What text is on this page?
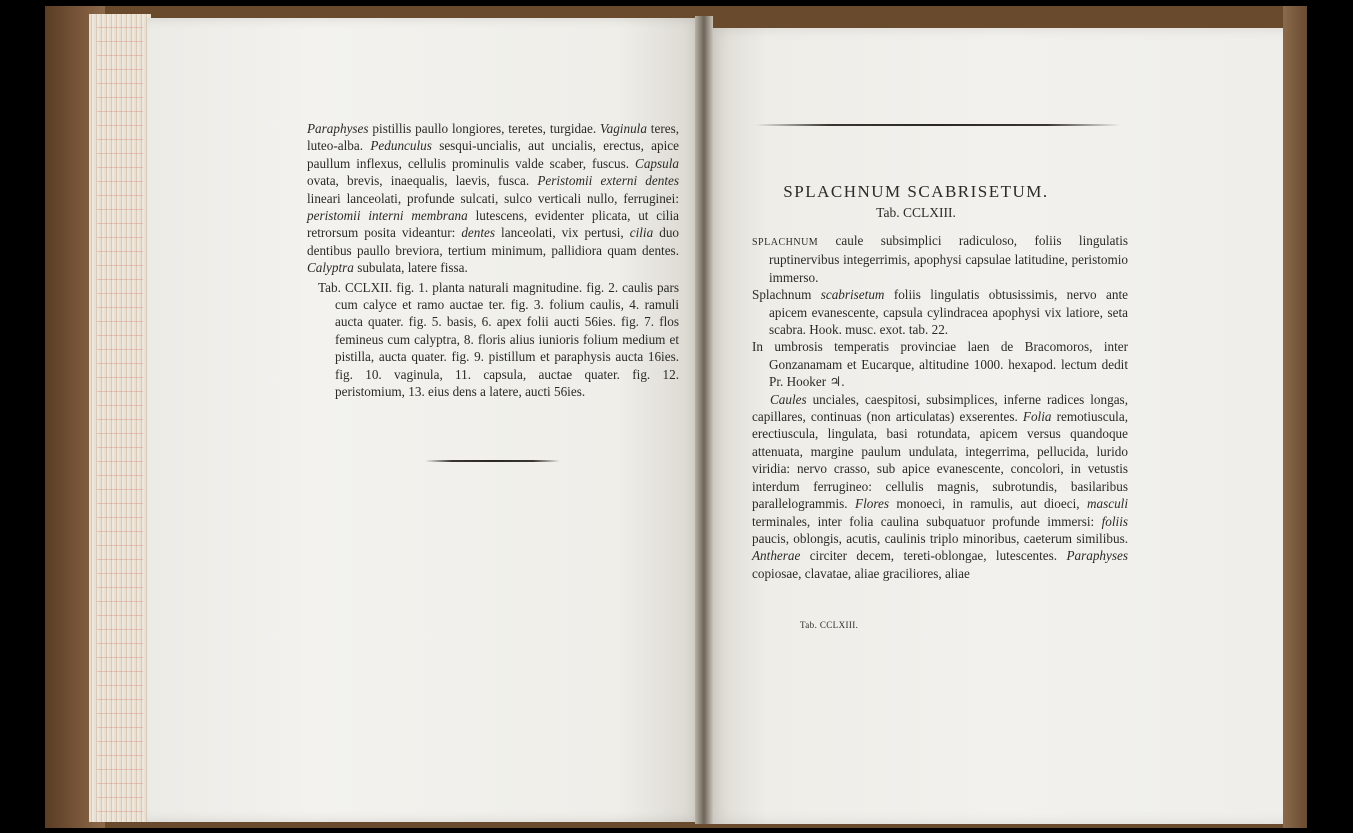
Paraphyses pistillis paullo longiores, teretes, turgidae. Vaginula teres, luteo-alba. Pedunculus sesqui-uncialis, aut uncialis, erectus, apice paullum inflexus, cellulis prominulis valde scaber, fuscus. Capsula ovata, brevis, inaequalis, laevis, fusca. Peristomii externi dentes lineari lanceolati, profunde sulcati, sulco verticali nullo, ferruginei: peristomii interni membrana lutescens, evidenter plicata, ut cilia retrorsum posita videantur: dentes lanceolati, vix pertusi, cilia duo dentibus paullo breviora, tertium minimum, pallidiora quam dentes. Calyptra subulata, latere fissa.

Tab. CCLXII. fig. 1. planta naturali magnitudine. fig. 2. caulis pars cum calyce et ramo auctae ter. fig. 3. folium caulis, 4. ramuli aucta quater. fig. 5. basis, 6. apex folii aucti 56ies. fig. 7. flos femineus cum calyptra, 8. floris alius iunioris folium medium et pistilla, aucta quater. fig. 9. pistillum et paraphysis aucta 16ies. fig. 10. vaginula, 11. capsula, auctae quater. fig. 12. peristomium, 13. eius dens a latere, aucti 56ies.

SPLACHNUM SCABRISETUM.
Tab. CCLXIII.

SPLACHNUM caule subsimplici radiculoso, foliis lingulatis ruptinervibus integerrimis, apophysi capsulae latitudine, peristomio immerso.

Splachnum scabrisetum foliis lingulatis obtusissimis, nervo ante apicem evanescente, capsula cylindracea apophysi vix latiore, seta scabra. Hook. musc. exot. tab. 22.

In umbrosis temperatis provinciae laen de Bracomoros, inter Gonzanamam et Eucarque, altitudine 1000. hexapod. lectum dedit Pr. Hooker ♃.

Caules unciales, caespitosi, subsimplices, inferne radices longas, capillares, continuas (non articulatas) exserentes. Folia remotiuscula, erectiuscula, lingulata, basi rotundata, apicem versus quandoque attenuata, margine paulum undulata, integerrima, pellucida, lurido viridia: nervo crasso, sub apice evanescente, concolori, in vetustis interdum ferrugineo: cellulis magnis, subrotundis, basilaribus parallelogrammis. Flores monoeci, in ramulis, aut dioeci, masculi terminales, inter folia caulina subquatuor profunde immersi: foliis paucis, oblongis, acutis, caulinis triplo minoribus, caeterum similibus. Antherae circiter decem, tereti-oblongae, lutescentes. Paraphyses copiosae, clavatae, aliae graciliores, aliae

Tab. CCLXIII.
